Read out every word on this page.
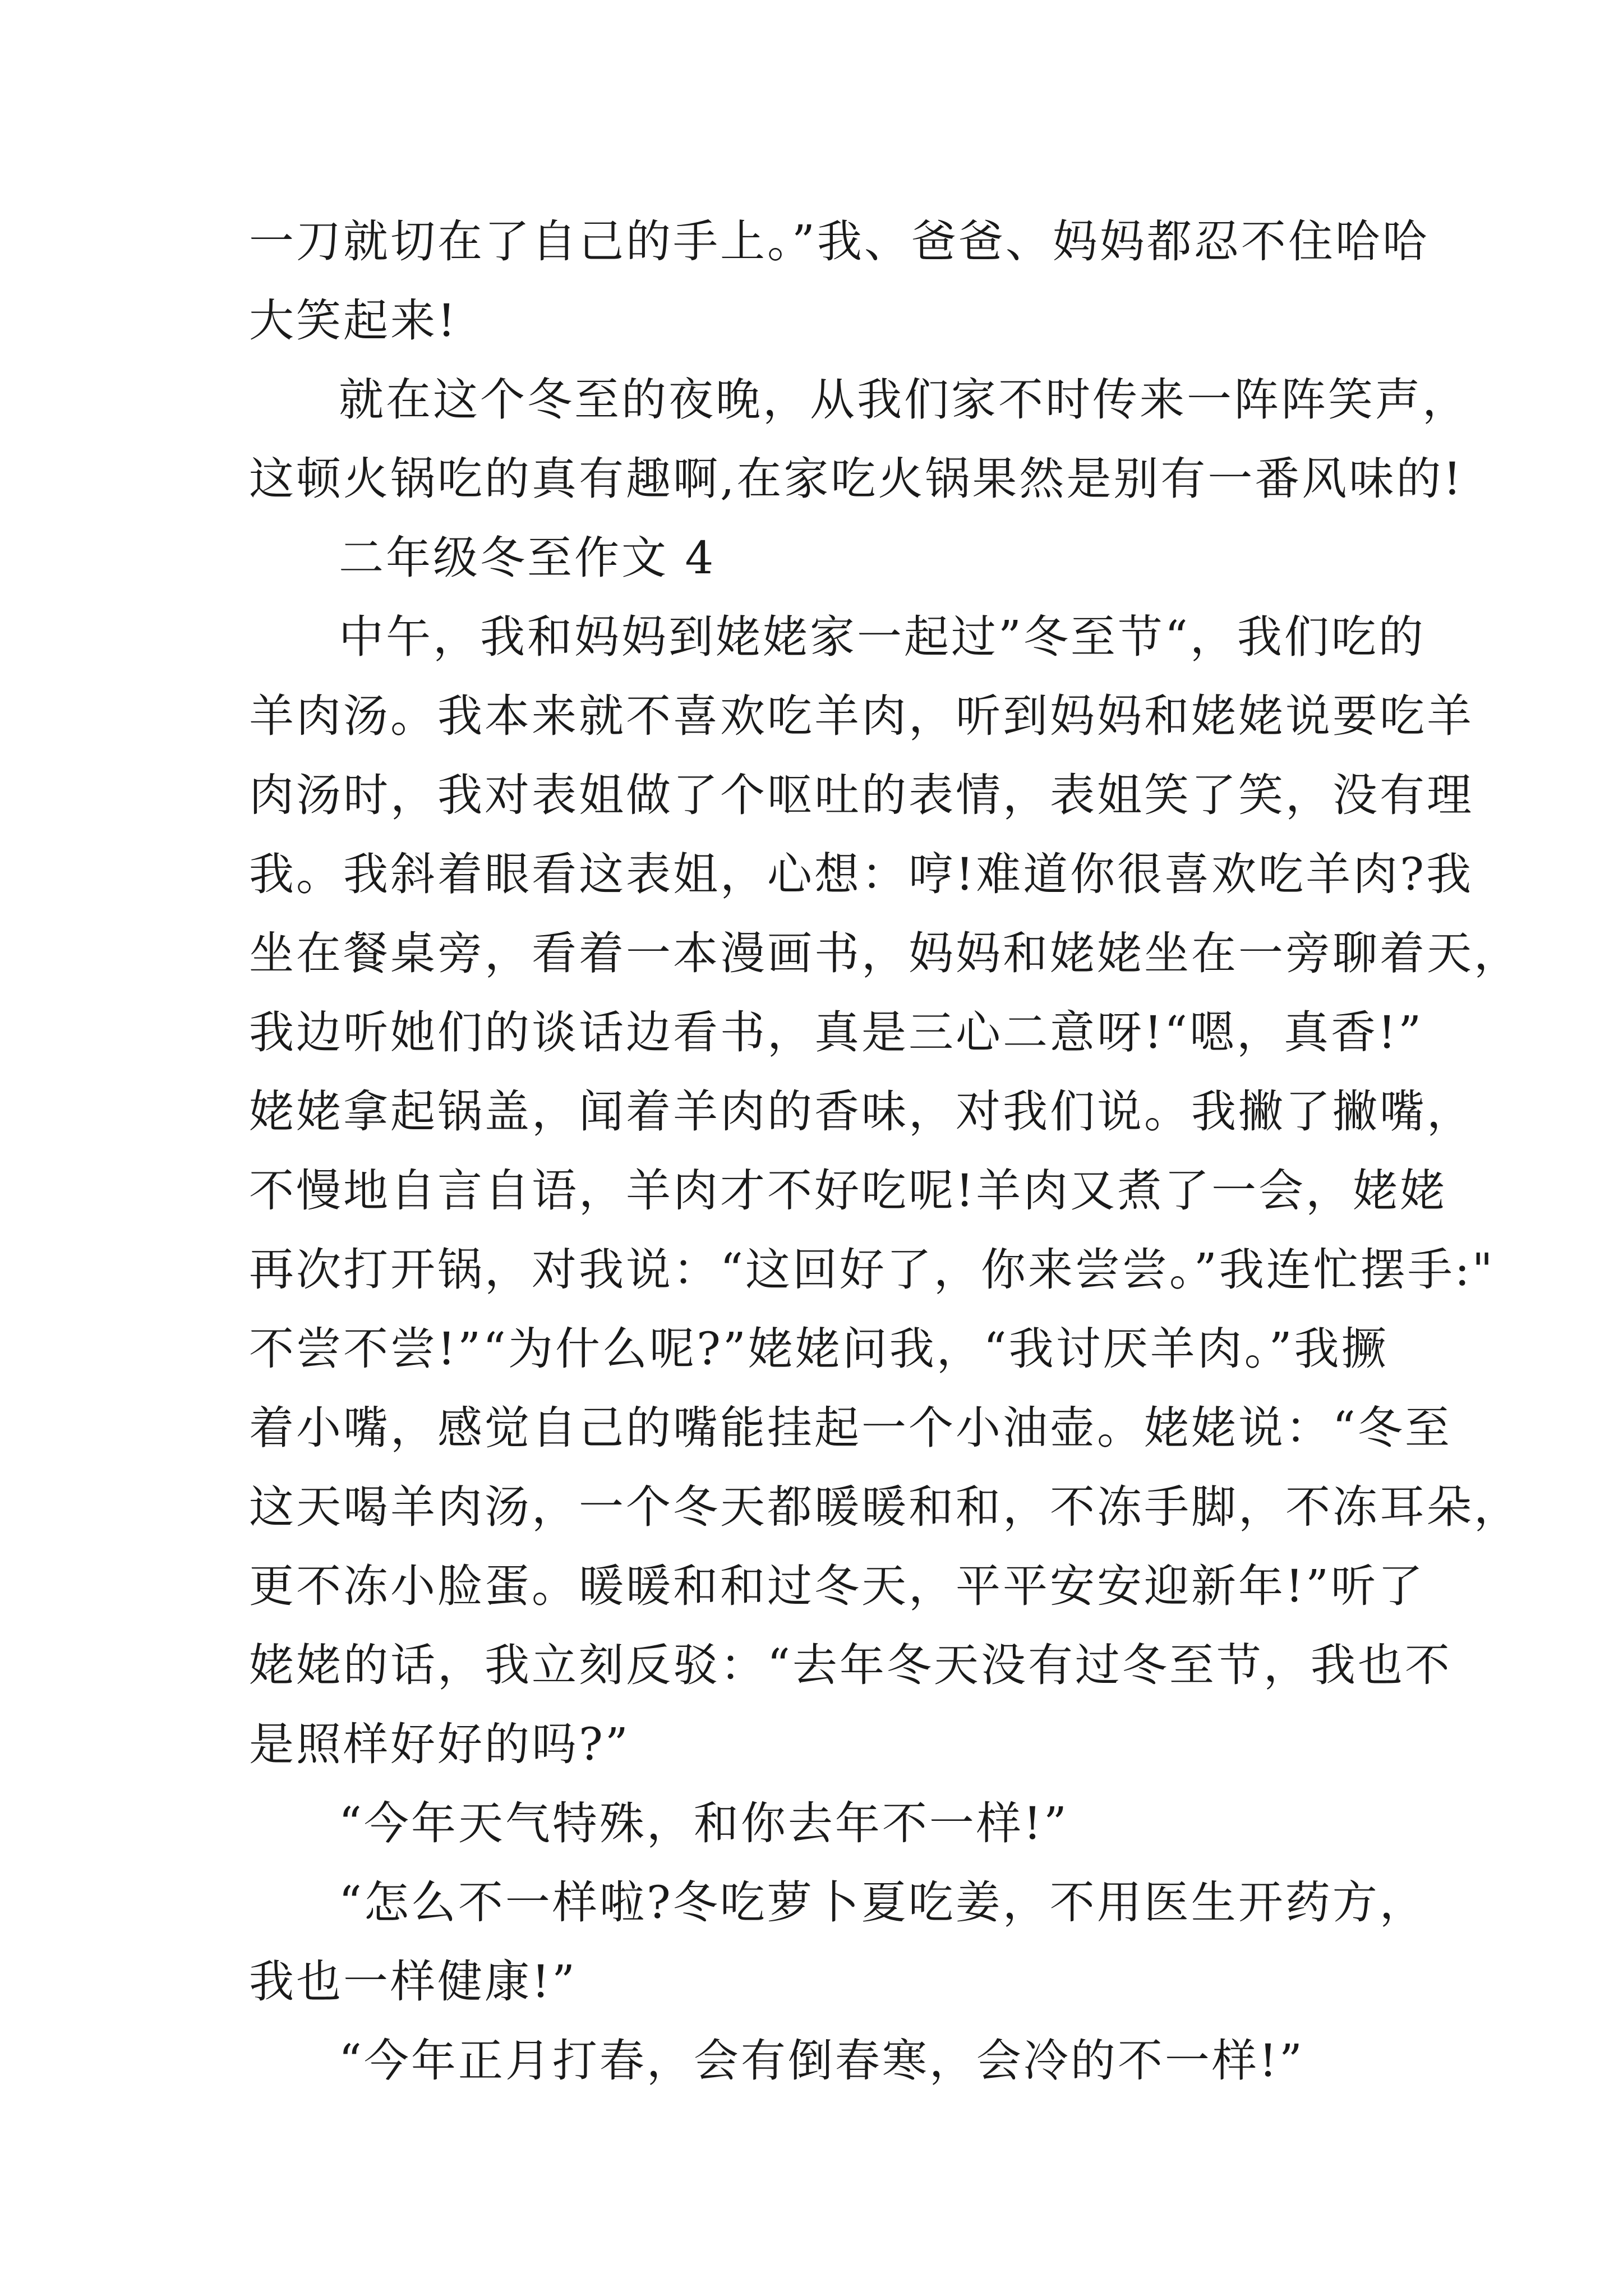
一刀就切在了自己的手上。”我、爸爸、妈妈都忍不住哈哈
大笑起来!
就在这个冬至的夜晚，从我们家不时传来一阵阵笑声，
这顿火锅吃的真有趣啊,在家吃火锅果然是别有一番风味的!
二年级冬至作文 4
中午，我和妈妈到姥姥家一起过”冬至节“，我们吃的
羊肉汤。我本来就不喜欢吃羊肉，听到妈妈和姥姥说要吃羊
肉汤时，我对表姐做了个呕吐的表情，表姐笑了笑，没有理
我。我斜着眼看这表姐，心想：哼!难道你很喜欢吃羊肉?我
坐在餐桌旁，看着一本漫画书，妈妈和姥姥坐在一旁聊着天，
我边听她们的谈话边看书，真是三心二意呀!“嗯，真香!”
姥姥拿起锅盖，闻着羊肉的香味，对我们说。我撇了撇嘴，
不慢地自言自语，羊肉才不好吃呢!羊肉又煮了一会，姥姥
再次打开锅，对我说：“这回好了，你来尝尝。”我连忙摆手:"
不尝不尝!”“为什么呢?”姥姥问我，“我讨厌羊肉。”我撅
着小嘴，感觉自己的嘴能挂起一个小油壶。姥姥说：“冬至
这天喝羊肉汤，一个冬天都暖暖和和，不冻手脚，不冻耳朵，
更不冻小脸蛋。暖暖和和过冬天，平平安安迎新年!”听了
姥姥的话，我立刻反驳：“去年冬天没有过冬至节，我也不
是照样好好的吗?”
“今年天气特殊，和你去年不一样!”
“怎么不一样啦?冬吃萝卜夏吃姜，不用医生开药方，
我也一样健康!”
“今年正月打春，会有倒春寒，会冷的不一样!”
